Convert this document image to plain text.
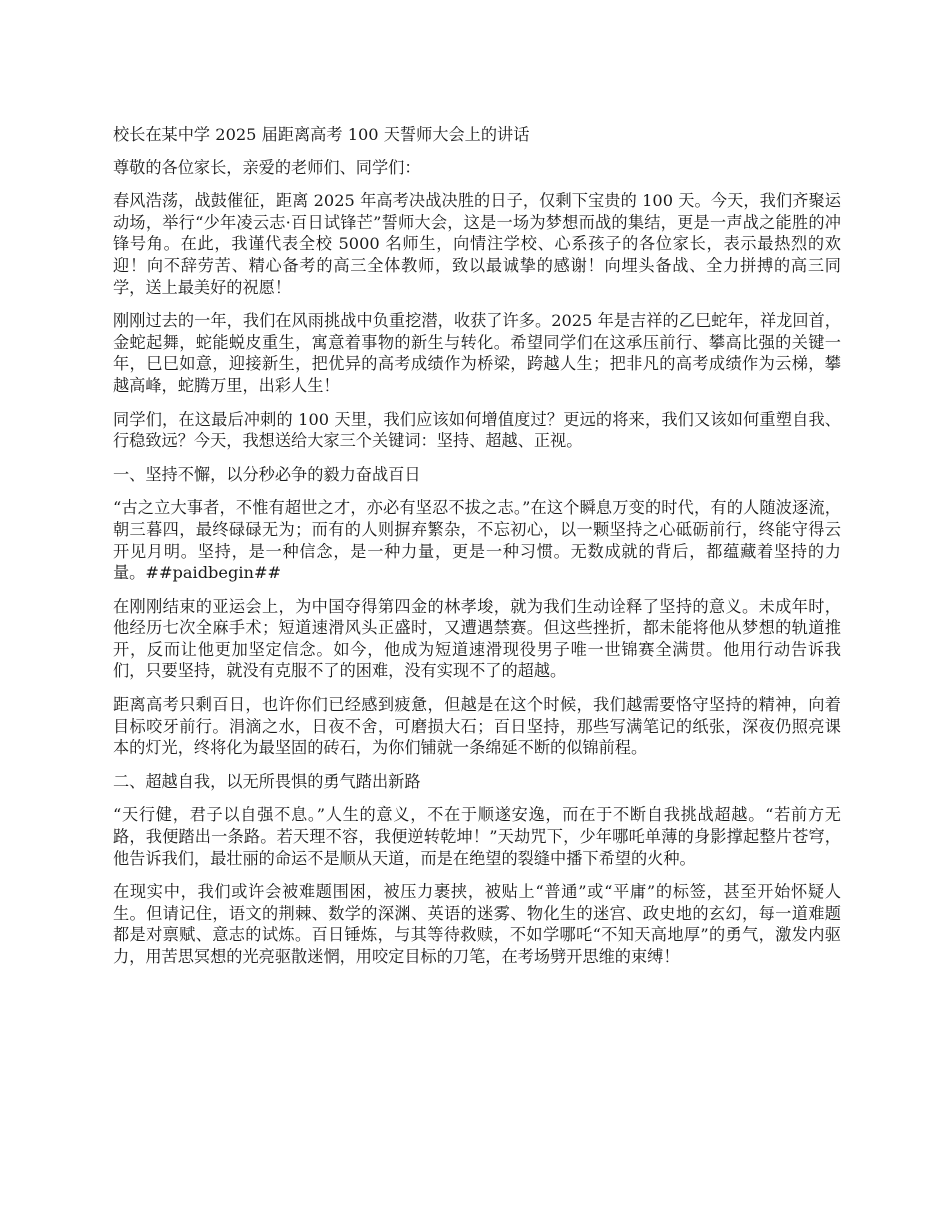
校长在某中学 2025 届距离高考 100 天誓师大会上的讲话

尊敬的各位家长，亲爱的老师们、同学们：

春风浩荡，战鼓催征，距离 2025 年高考决战决胜的日子，仅剩下宝贵的 100 天。今天，我们齐聚运动场，举行“少年凌云志·百日试锋芒”誓师大会，这是一场为梦想而战的集结，更是一声战之能胜的冲锋号角。在此，我谨代表全校 5000 名师生，向情注学校、心系孩子的各位家长，表示最热烈的欢迎！向不辞劳苦、精心备考的高三全体教师，致以最诚挚的感谢！向埋头备战、全力拼搏的高三同学，送上最美好的祝愿！

刚刚过去的一年，我们在风雨挑战中负重挖潜，收获了许多。2025 年是吉祥的乙巳蛇年，祥龙回首，金蛇起舞，蛇能蜕皮重生，寓意着事物的新生与转化。希望同学们在这承压前行、攀高比强的关键一年，巳巳如意，迎接新生，把优异的高考成绩作为桥梁，跨越人生；把非凡的高考成绩作为云梯，攀越高峰，蛇腾万里，出彩人生！

同学们，在这最后冲刺的 100 天里，我们应该如何增值度过？更远的将来，我们又该如何重塑自我、行稳致远？今天，我想送给大家三个关键词：坚持、超越、正视。

一、坚持不懈，以分秒必争的毅力奋战百日

“古之立大事者，不惟有超世之才，亦必有坚忍不拔之志。”在这个瞬息万变的时代，有的人随波逐流，朝三暮四，最终碌碌无为；而有的人则摒弃繁杂，不忘初心，以一颗坚持之心砥砺前行，终能守得云开见月明。坚持，是一种信念，是一种力量，更是一种习惯。无数成就的背后，都蕴藏着坚持的力量。##paidbegin##

在刚刚结束的亚运会上，为中国夺得第四金的林孝埈，就为我们生动诠释了坚持的意义。未成年时，他经历七次全麻手术；短道速滑风头正盛时，又遭遇禁赛。但这些挫折，都未能将他从梦想的轨道推开，反而让他更加坚定信念。如今，他成为短道速滑现役男子唯一世锦赛全满贯。他用行动告诉我们，只要坚持，就没有克服不了的困难，没有实现不了的超越。

距离高考只剩百日，也许你们已经感到疲惫，但越是在这个时候，我们越需要恪守坚持的精神，向着目标咬牙前行。涓滴之水，日夜不舍，可磨损大石；百日坚持，那些写满笔记的纸张，深夜仍照亮课本的灯光，终将化为最坚固的砖石，为你们铺就一条绵延不断的似锦前程。

二、超越自我，以无所畏惧的勇气踏出新路

“天行健，君子以自强不息。”人生的意义，不在于顺遂安逸，而在于不断自我挑战超越。“若前方无路，我便踏出一条路。若天理不容，我便逆转乾坤！”天劫咒下，少年哪吒单薄的身影撑起整片苍穹，他告诉我们，最壮丽的命运不是顺从天道，而是在绝望的裂缝中播下希望的火种。

在现实中，我们或许会被难题围困，被压力裹挟，被贴上“普通”或“平庸”的标签，甚至开始怀疑人生。但请记住，语文的荆棘、数学的深渊、英语的迷雾、物化生的迷宫、政史地的玄幻，每一道难题都是对禀赋、意志的试炼。百日锤炼，与其等待救赎，不如学哪吒“不知天高地厚”的勇气，激发内驱力，用苦思冥想的光亮驱散迷惘，用咬定目标的刀笔，在考场劈开思维的束缚！
